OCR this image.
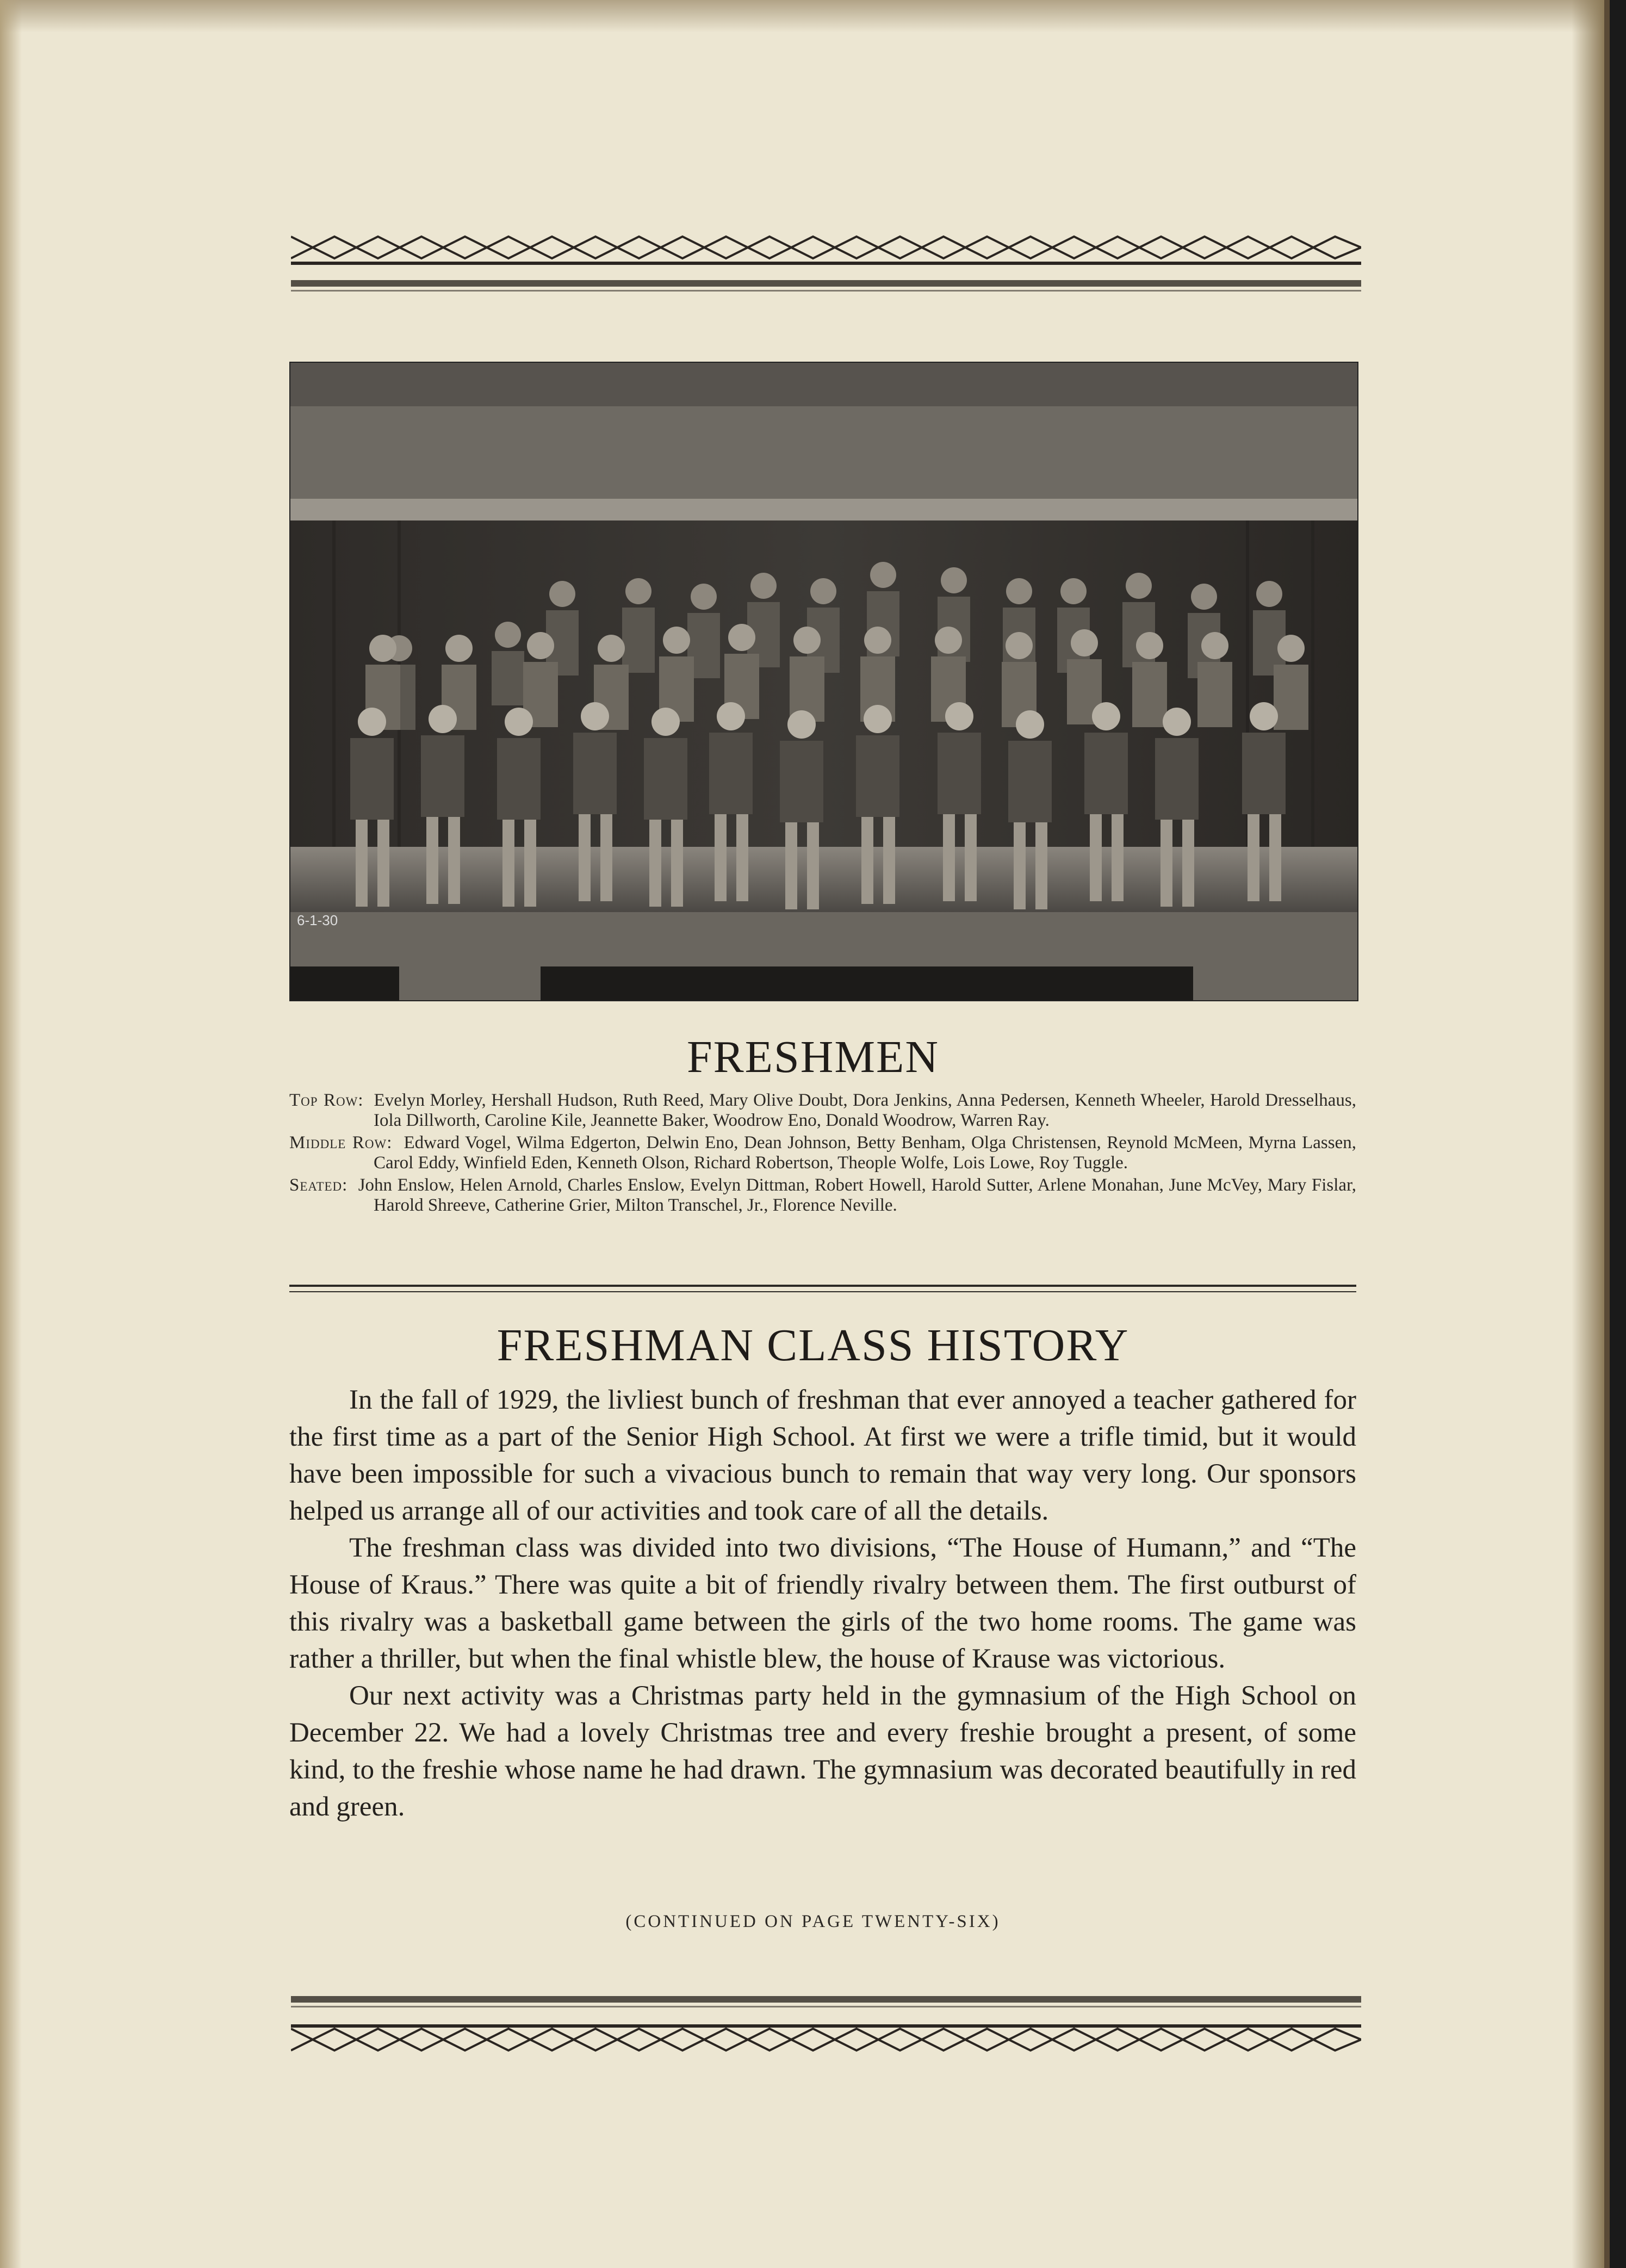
6-1-30
FRESHMEN

Top Row: Evelyn Morley, Hershall Hudson, Ruth Reed, Mary Olive Doubt, Dora Jenkins, Anna Pedersen, Kenneth Wheeler, Harold Dresselhaus, Iola Dillworth, Caroline Kile, Jeannette Baker, Woodrow Eno, Donald Woodrow, Warren Ray.

Middle Row: Edward Vogel, Wilma Edgerton, Delwin Eno, Dean Johnson, Betty Benham, Olga Christensen, Reynold McMeen, Myrna Lassen, Carol Eddy, Winfield Eden, Kenneth Olson, Richard Robertson, Theople Wolfe, Lois Lowe, Roy Tuggle.

Seated: John Enslow, Helen Arnold, Charles Enslow, Evelyn Dittman, Robert Howell, Harold Sutter, Arlene Monahan, June McVey, Mary Fislar, Harold Shreeve, Catherine Grier, Milton Transchel, Jr., Florence Neville.

FRESHMAN CLASS HISTORY

In the fall of 1929, the livliest bunch of freshman that ever annoyed a teacher gathered for the first time as a part of the Senior High School. At first we were a trifle timid, but it would have been impossible for such a vivacious bunch to remain that way very long. Our sponsors helped us arrange all of our activities and took care of all the details.

The freshman class was divided into two divisions, “The House of Humann,” and “The House of Kraus.” There was quite a bit of friendly rivalry between them. The first outburst of this rivalry was a basketball game between the girls of the two home rooms. The game was rather a thriller, but when the final whistle blew, the house of Krause was victorious.

Our next activity was a Christmas party held in the gymnasium of the High School on December 22. We had a lovely Christmas tree and every freshie brought a present, of some kind, to the freshie whose name he had drawn. The gymnasium was decorated beautifully in red and green.

(CONTINUED ON PAGE TWENTY-SIX)
